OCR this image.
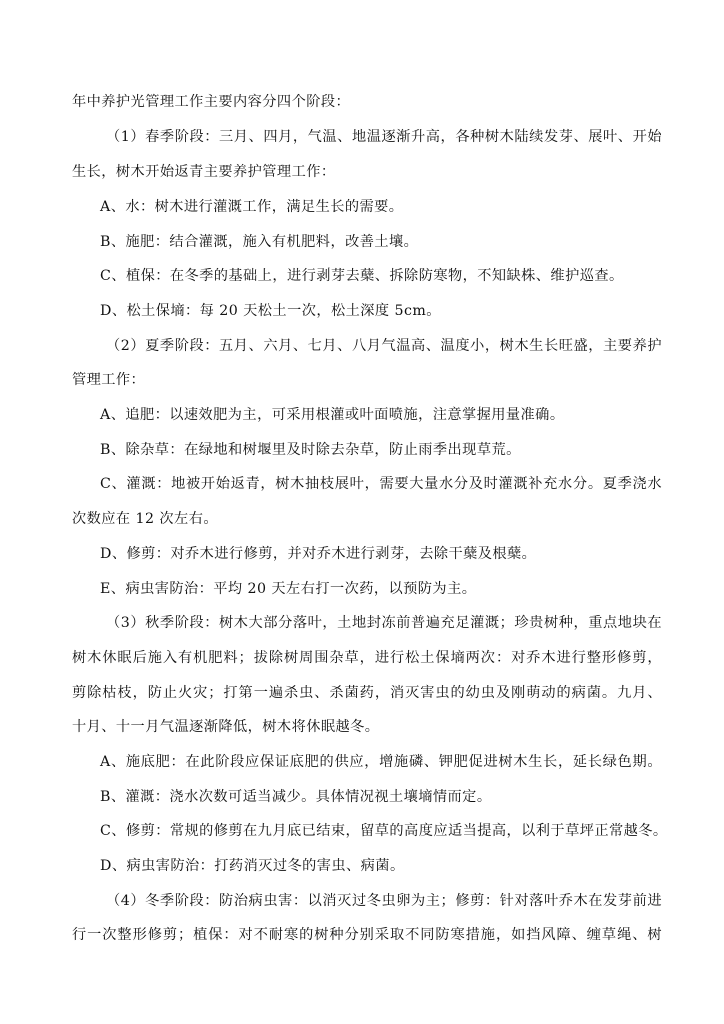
年中养护光管理工作主要内容分四个阶段：
（1）春季阶段：三月、四月，气温、地温逐渐升高，各种树木陆续发芽、展叶、开始
生长，树木开始返青主要养护管理工作：
A、水：树木进行灌溉工作，满足生长的需要。
B、施肥：结合灌溉，施入有机肥料，改善土壤。
C、植保：在冬季的基础上，进行剥芽去蘖、拆除防寒物，不知缺株、维护巡查。
D、松土保墒：每 20 天松土一次，松土深度 5cm。
（2）夏季阶段：五月、六月、七月、八月气温高、温度小，树木生长旺盛，主要养护
管理工作：
A、追肥：以速效肥为主，可采用根灌或叶面喷施，注意掌握用量准确。
B、除杂草：在绿地和树堰里及时除去杂草，防止雨季出现草荒。
C、灌溉：地被开始返青，树木抽枝展叶，需要大量水分及时灌溉补充水分。夏季浇水
次数应在 12 次左右。
D、修剪：对乔木进行修剪，并对乔木进行剥芽，去除干蘖及根蘖。
E、病虫害防治：平均 20 天左右打一次药，以预防为主。
（3）秋季阶段：树木大部分落叶，土地封冻前普遍充足灌溉；珍贵树种，重点地块在
树木休眠后施入有机肥料；拔除树周围杂草，进行松土保墒两次：对乔木进行整形修剪，
剪除枯枝，防止火灾；打第一遍杀虫、杀菌药，消灭害虫的幼虫及刚萌动的病菌。九月、
十月、十一月气温逐渐降低，树木将休眠越冬。
A、施底肥：在此阶段应保证底肥的供应，增施磷、钾肥促进树木生长，延长绿色期。
B、灌溉：浇水次数可适当减少。具体情况视土壤墒情而定。
C、修剪：常规的修剪在九月底已结束，留草的高度应适当提高，以利于草坪正常越冬。
D、病虫害防治：打药消灭过冬的害虫、病菌。
（4）冬季阶段：防治病虫害：以消灭过冬虫卵为主；修剪：针对落叶乔木在发芽前进
行一次整形修剪；植保：对不耐寒的树种分别采取不同防寒措施，如挡风障、缠草绳、树
